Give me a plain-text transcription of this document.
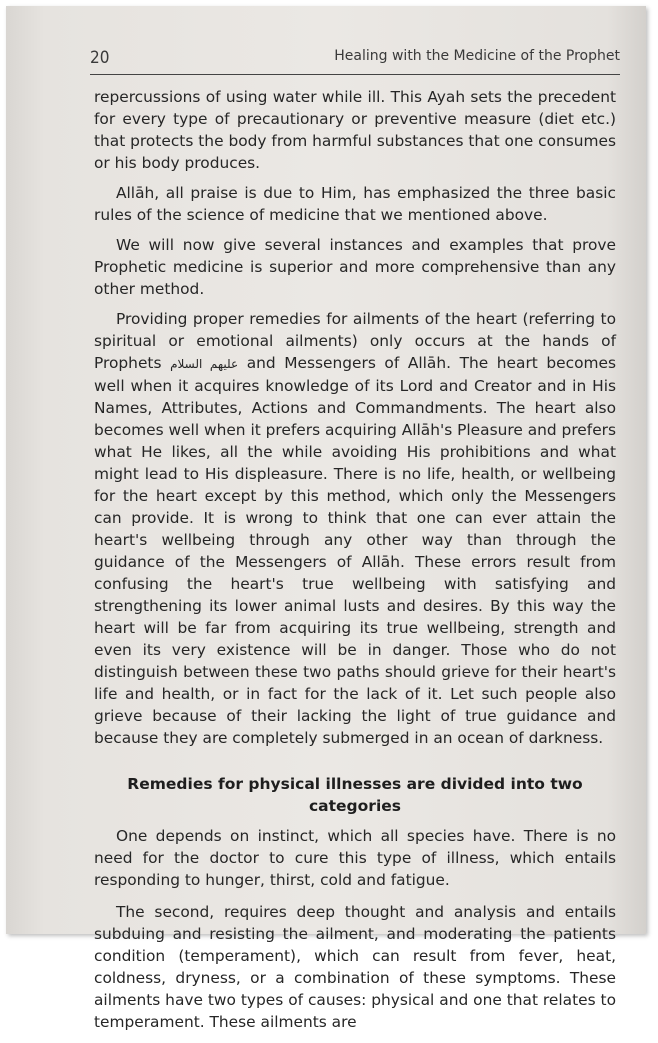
20	Healing with the Medicine of the Prophet

repercussions of using water while ill. This Ayah sets the precedent for every type of precautionary or preventive measure (diet etc.) that protects the body from harmful substances that one consumes or his body produces.

Allāh, all praise is due to Him, has emphasized the three basic rules of the science of medicine that we mentioned above.

We will now give several instances and examples that prove Prophetic medicine is superior and more comprehensive than any other method.

Providing proper remedies for ailments of the heart (referring to spiritual or emotional ailments) only occurs at the hands of Prophets عليهم السلام and Messengers of Allāh. The heart becomes well when it acquires knowledge of its Lord and Creator and in His Names, Attributes, Actions and Commandments. The heart also becomes well when it prefers acquiring Allāh's Pleasure and prefers what He likes, all the while avoiding His prohibitions and what might lead to His displeasure. There is no life, health, or wellbeing for the heart except by this method, which only the Messengers can provide. It is wrong to think that one can ever attain the heart's wellbeing through any other way than through the guidance of the Messengers of Allāh. These errors result from confusing the heart's true wellbeing with satisfying and strengthening its lower animal lusts and desires. By this way the heart will be far from acquiring its true wellbeing, strength and even its very existence will be in danger. Those who do not distinguish between these two paths should grieve for their heart's life and health, or in fact for the lack of it. Let such people also grieve because of their lacking the light of true guidance and because they are completely submerged in an ocean of darkness.

Remedies for physical illnesses are divided into two categories

One depends on instinct, which all species have. There is no need for the doctor to cure this type of illness, which entails responding to hunger, thirst, cold and fatigue.

The second, requires deep thought and analysis and entails subduing and resisting the ailment, and moderating the patients condition (temperament), which can result from fever, heat, coldness, dryness, or a combination of these symptoms. These ailments have two types of causes: physical and one that relates to temperament. These ailments are
